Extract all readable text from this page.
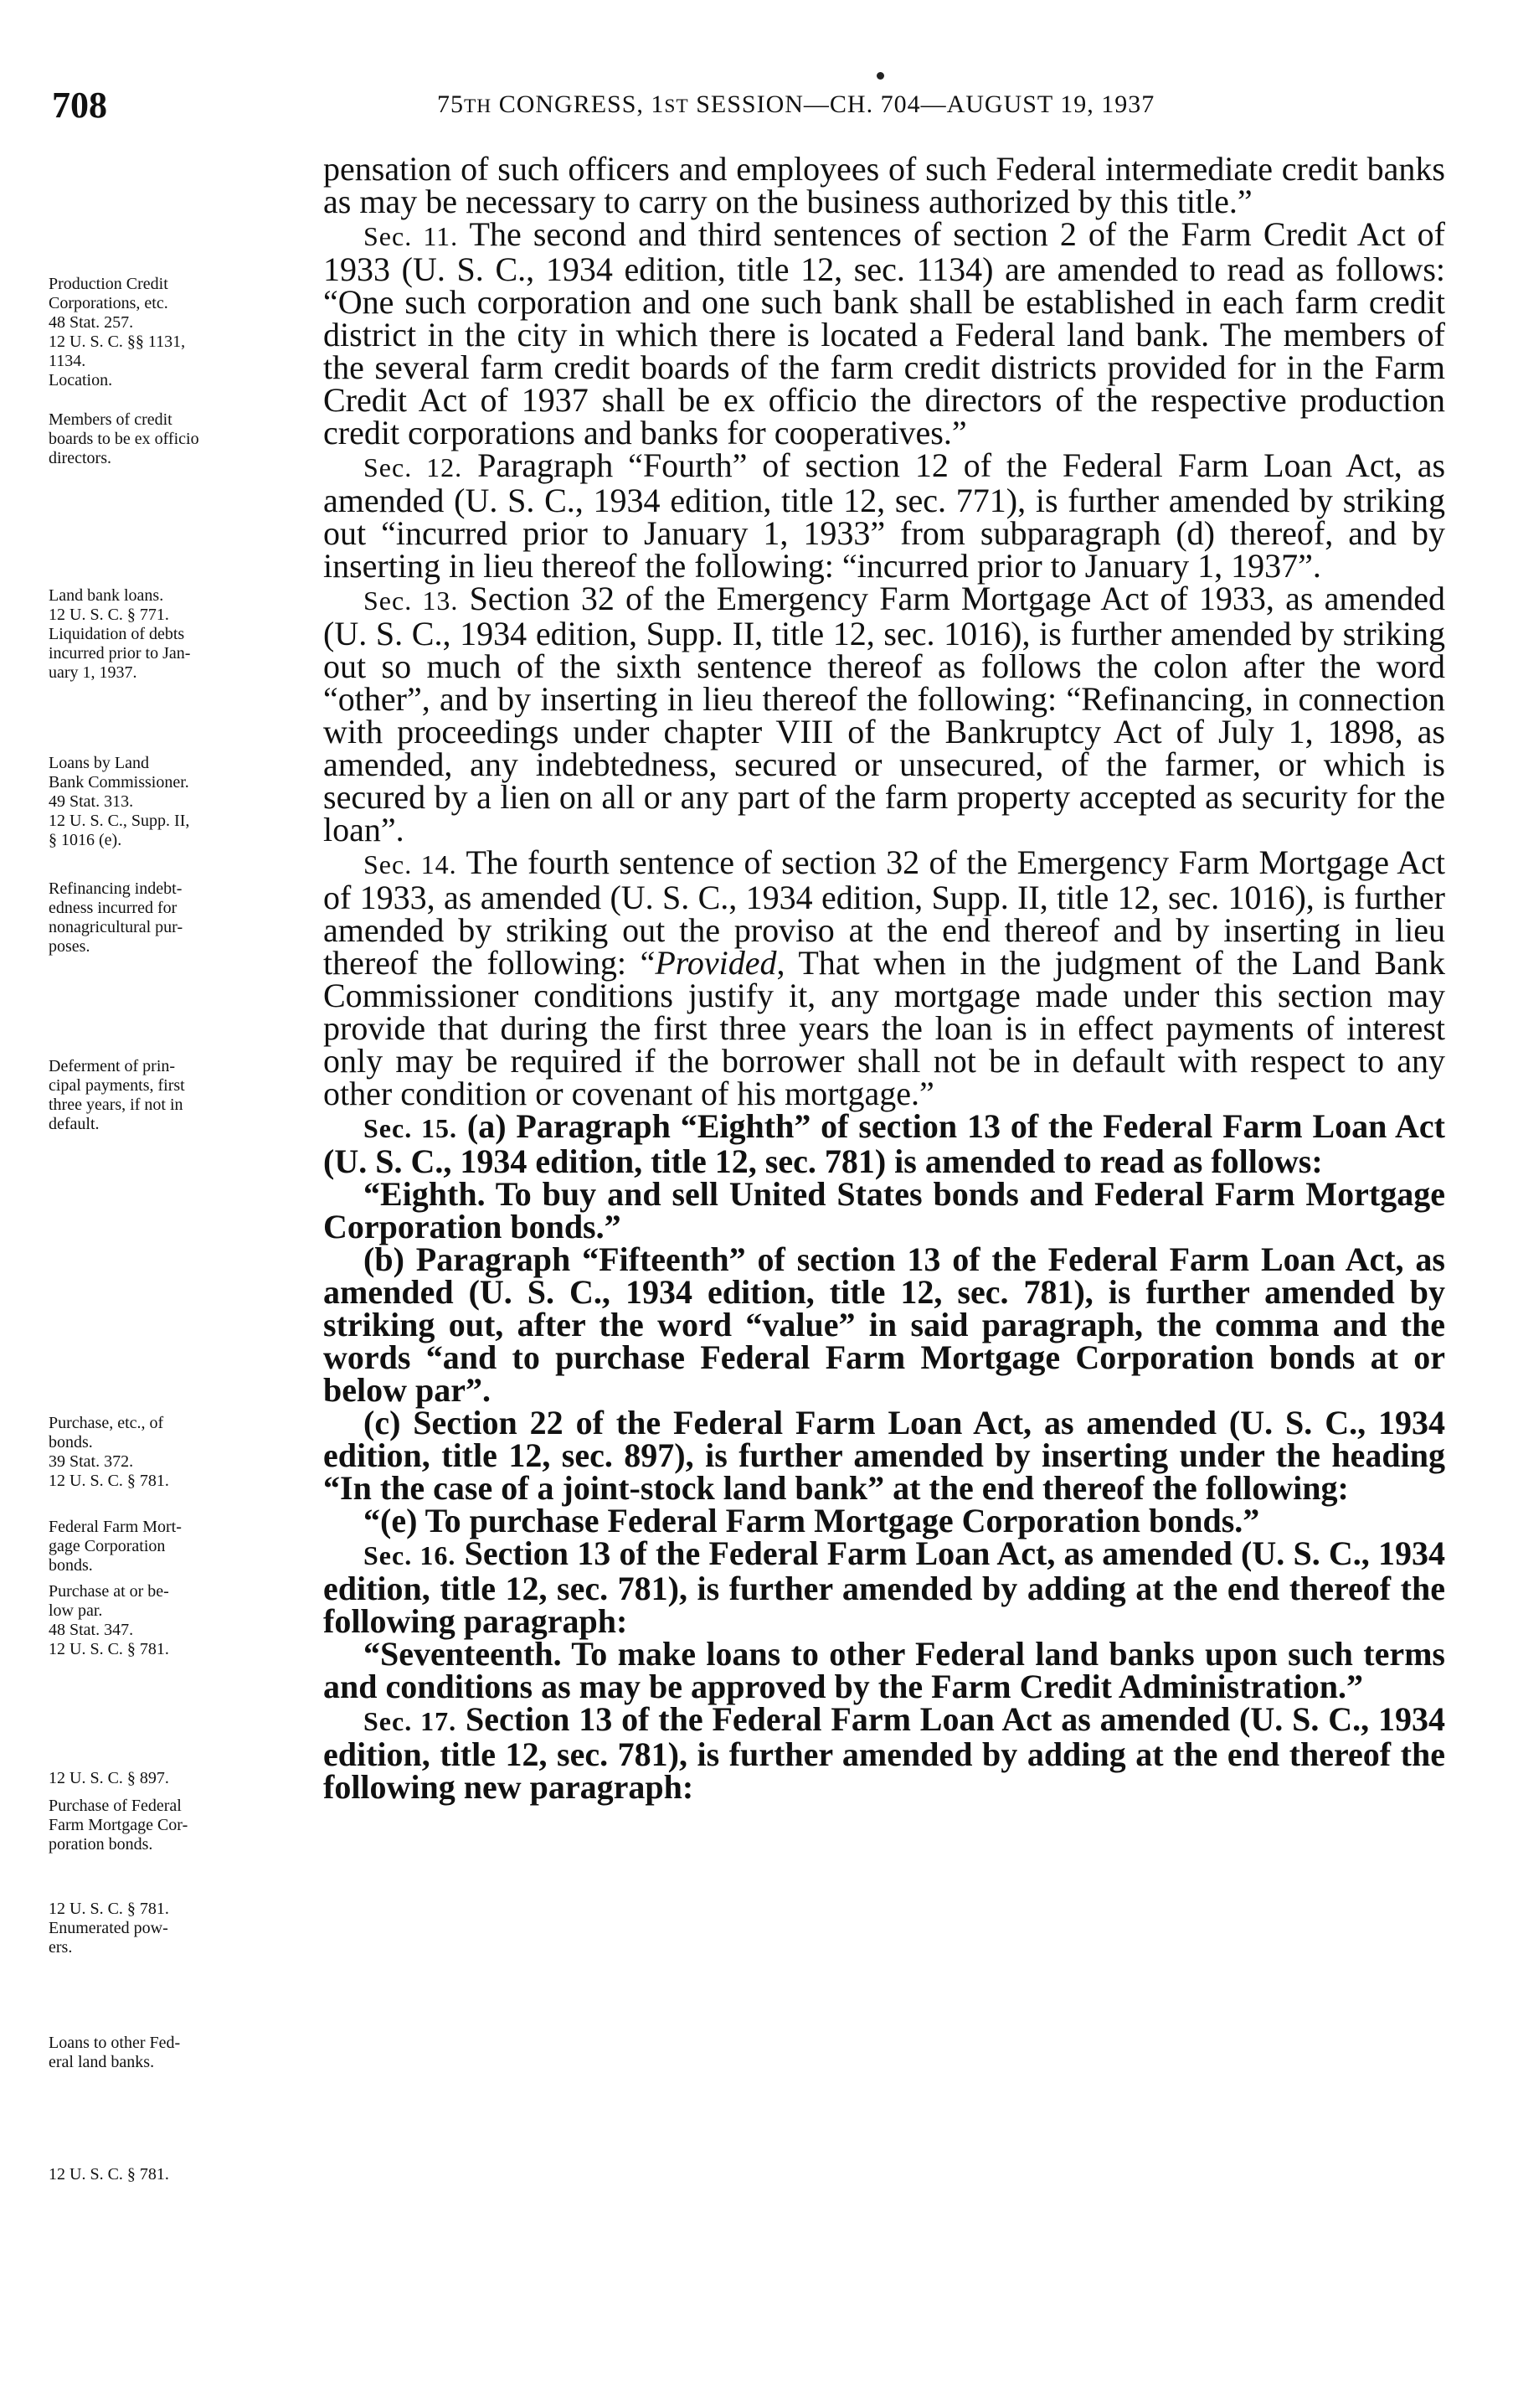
708	75TH CONGRESS, 1ST SESSION—CH. 704—AUGUST 19, 1937
Production Credit
Corporations, etc.
48 Stat. 257.
12 U. S. C. §§ 1131,
1134.
Location.
Members of credit
boards to be ex officio
directors.
Land bank loans.
12 U. S. C. § 771.
Liquidation of debts
incurred prior to Jan-
uary 1, 1937.
Loans by Land
Bank Commissioner.
49 Stat. 313.
12 U. S. C., Supp. II,
§ 1016 (e).
Refinancing indebt-
edness incurred for
nonagricultural pur-
poses.
Deferment of prin-
cipal payments, first
three years, if not in
default.
Purchase, etc., of
bonds.
39 Stat. 372.
12 U. S. C. § 781.
Federal Farm Mort-
gage Corporation
bonds.
Purchase at or be-
low par.
48 Stat. 347.
12 U. S. C. § 781.
12 U. S. C. § 897.
Purchase of Federal
Farm Mortgage Cor-
poration bonds.
12 U. S. C. § 781.
Enumerated pow-
ers.
Loans to other Fed-
eral land banks.
12 U. S. C. § 781.

pensation of such officers and employees of such Federal intermediate credit banks as may be necessary to carry on the business authorized by this title.”

Sec. 11. The second and third sentences of section 2 of the Farm Credit Act of 1933 (U. S. C., 1934 edition, title 12, sec. 1134) are amended to read as follows: “One such corporation and one such bank shall be established in each farm credit district in the city in which there is located a Federal land bank. The members of the several farm credit boards of the farm credit districts provided for in the Farm Credit Act of 1937 shall be ex officio the directors of the respective production credit corporations and banks for cooperatives.”

Sec. 12. Paragraph “Fourth” of section 12 of the Federal Farm Loan Act, as amended (U. S. C., 1934 edition, title 12, sec. 771), is further amended by striking out “incurred prior to January 1, 1933” from subparagraph (d) thereof, and by inserting in lieu thereof the following: “incurred prior to January 1, 1937”.

Sec. 13. Section 32 of the Emergency Farm Mortgage Act of 1933, as amended (U. S. C., 1934 edition, Supp. II, title 12, sec. 1016), is further amended by striking out so much of the sixth sentence thereof as follows the colon after the word “other”, and by inserting in lieu thereof the following: “Refinancing, in connection with proceedings under chapter VIII of the Bankruptcy Act of July 1, 1898, as amended, any indebtedness, secured or unsecured, of the farmer, or which is secured by a lien on all or any part of the farm property accepted as security for the loan”.

Sec. 14. The fourth sentence of section 32 of the Emergency Farm Mortgage Act of 1933, as amended (U. S. C., 1934 edition, Supp. II, title 12, sec. 1016), is further amended by striking out the proviso at the end thereof and by inserting in lieu thereof the following: “Provided, That when in the judgment of the Land Bank Commissioner conditions justify it, any mortgage made under this section may provide that during the first three years the loan is in effect payments of interest only may be required if the borrower shall not be in default with respect to any other condition or covenant of his mortgage.”

Sec. 15. (a) Paragraph “Eighth” of section 13 of the Federal Farm Loan Act (U. S. C., 1934 edition, title 12, sec. 781) is amended to read as follows:

“Eighth. To buy and sell United States bonds and Federal Farm Mortgage Corporation bonds.”

(b) Paragraph “Fifteenth” of section 13 of the Federal Farm Loan Act, as amended (U. S. C., 1934 edition, title 12, sec. 781), is further amended by striking out, after the word “value” in said paragraph, the comma and the words “and to purchase Federal Farm Mortgage Corporation bonds at or below par”.

(c) Section 22 of the Federal Farm Loan Act, as amended (U. S. C., 1934 edition, title 12, sec. 897), is further amended by inserting under the heading “In the case of a joint-stock land bank” at the end thereof the following:

“(e) To purchase Federal Farm Mortgage Corporation bonds.”

Sec. 16. Section 13 of the Federal Farm Loan Act, as amended (U. S. C., 1934 edition, title 12, sec. 781), is further amended by adding at the end thereof the following paragraph:

“Seventeenth. To make loans to other Federal land banks upon such terms and conditions as may be approved by the Farm Credit Administration.”

Sec. 17. Section 13 of the Federal Farm Loan Act as amended (U. S. C., 1934 edition, title 12, sec. 781), is further amended by adding at the end thereof the following new paragraph:
